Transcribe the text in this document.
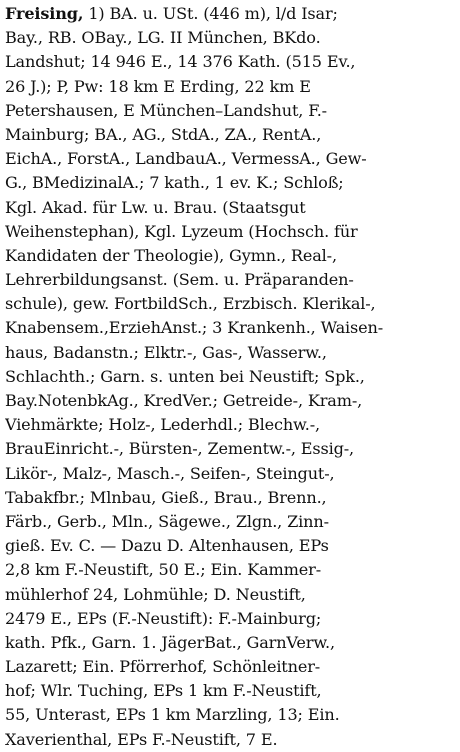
Freising, 1) BA. u. USt. (446 m), l/d Isar;
Bay., RB. OBay., LG. II München, BKdo.
Landshut; 14 946 E., 14 376 Kath. (515 Ev.,
26 J.); P, Pw: 18 km E Erding, 22 km E
Petershausen, E München–Landshut, F.-
Mainburg; BA., AG., StdA., ZA., RentA.,
EichA., ForstA., LandbauA., VermessA., Gew-
G., BMedizinalA.; 7 kath., 1 ev. K.; Schloß;
Kgl. Akad. für Lw. u. Brau. (Staatsgut
Weihenstephan), Kgl. Lyzeum (Hochsch. für
Kandidaten der Theologie), Gymn., Real-,
Lehrerbildungsanst. (Sem. u. Präparanden-
schule), gew. FortbildSch., Erzbisch. Klerikal-,
Knabensem.,ErziehAnst.; 3 Krankenh., Waisen-
haus, Badanstn.; Elktr.-, Gas-, Wasserw.,
Schlachth.; Garn. s. unten bei Neustift; Spk.,
Bay.NotenbkAg., KredVer.; Getreide-, Kram-,
Viehmärkte; Holz-, Lederhdl.; Blechw.-,
BrauEinricht.-, Bürsten-, Zementw.-, Essig-,
Likör-, Malz-, Masch.-, Seifen-, Steingut-,
Tabakfbr.; Mlnbau, Gieß., Brau., Brenn.,
Färb., Gerb., Mln., Sägewe., Zlgn., Zinn-
gieß. Ev. C. — Dazu D. Altenhausen, EPs
2,8 km F.-Neustift, 50 E.; Ein. Kammer-
mühlerhof 24, Lohmühle; D. Neustift,
2479 E., EPs (F.-Neustift): F.-Mainburg;
kath. Pfk., Garn. 1. JägerBat., GarnVerw.,
Lazarett; Ein. Pförrerhof, Schönleitner-
hof; Wlr. Tuching, EPs 1 km F.-Neustift,
55, Unterast, EPs 1 km Marzling, 13; Ein.
Xaverienthal, EPs F.-Neustift, 7 E.
